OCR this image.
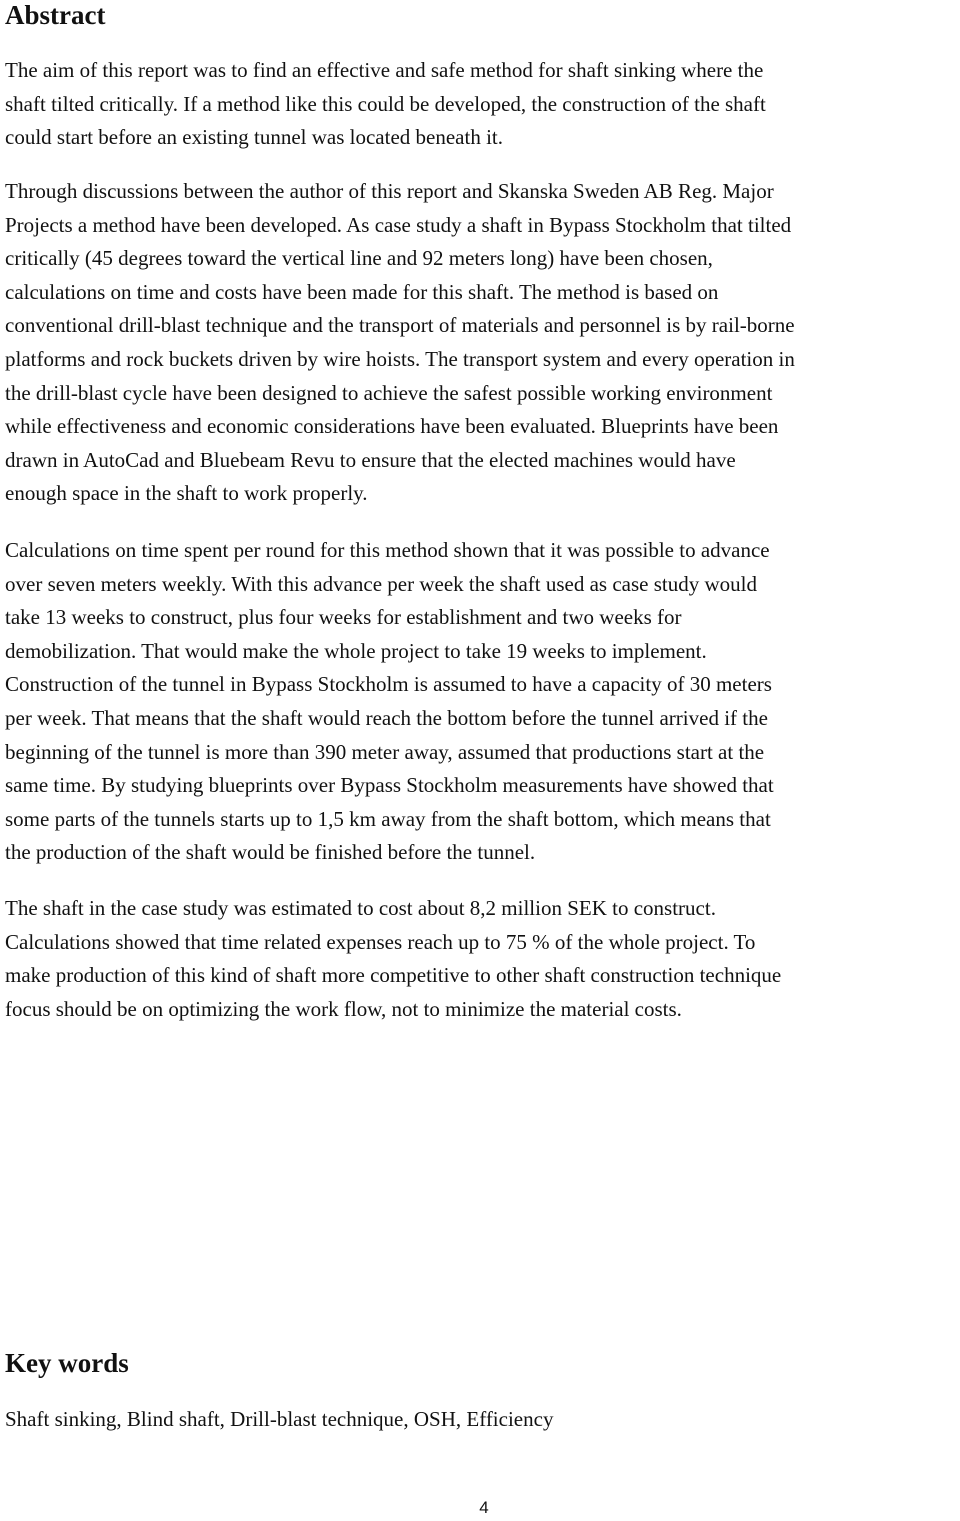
Abstract

The aim of this report was to find an effective and safe method for shaft sinking where the
shaft tilted critically. If a method like this could be developed, the construction of the shaft
could start before an existing tunnel was located beneath it.

Through discussions between the author of this report and Skanska Sweden AB Reg. Major
Projects a method have been developed. As case study a shaft in Bypass Stockholm that tilted
critically (45 degrees toward the vertical line and 92 meters long) have been chosen,
calculations on time and costs have been made for this shaft. The method is based on
conventional drill-blast technique and the transport of materials and personnel is by rail-borne
platforms and rock buckets driven by wire hoists. The transport system and every operation in
the drill-blast cycle have been designed to achieve the safest possible working environment
while effectiveness and economic considerations have been evaluated. Blueprints have been
drawn in AutoCad and Bluebeam Revu to ensure that the elected machines would have
enough space in the shaft to work properly.

Calculations on time spent per round for this method shown that it was possible to advance
over seven meters weekly. With this advance per week the shaft used as case study would
take 13 weeks to construct, plus four weeks for establishment and two weeks for
demobilization. That would make the whole project to take 19 weeks to implement.
Construction of the tunnel in Bypass Stockholm is assumed to have a capacity of 30 meters
per week. That means that the shaft would reach the bottom before the tunnel arrived if the
beginning of the tunnel is more than 390 meter away, assumed that productions start at the
same time. By studying blueprints over Bypass Stockholm measurements have showed that
some parts of the tunnels starts up to 1,5 km away from the shaft bottom, which means that
the production of the shaft would be finished before the tunnel.

The shaft in the case study was estimated to cost about 8,2 million SEK to construct.
Calculations showed that time related expenses reach up to 75 % of the whole project. To
make production of this kind of shaft more competitive to other shaft construction technique
focus should be on optimizing the work flow, not to minimize the material costs.

Key words

Shaft sinking, Blind shaft, Drill-blast technique, OSH, Efficiency

4
